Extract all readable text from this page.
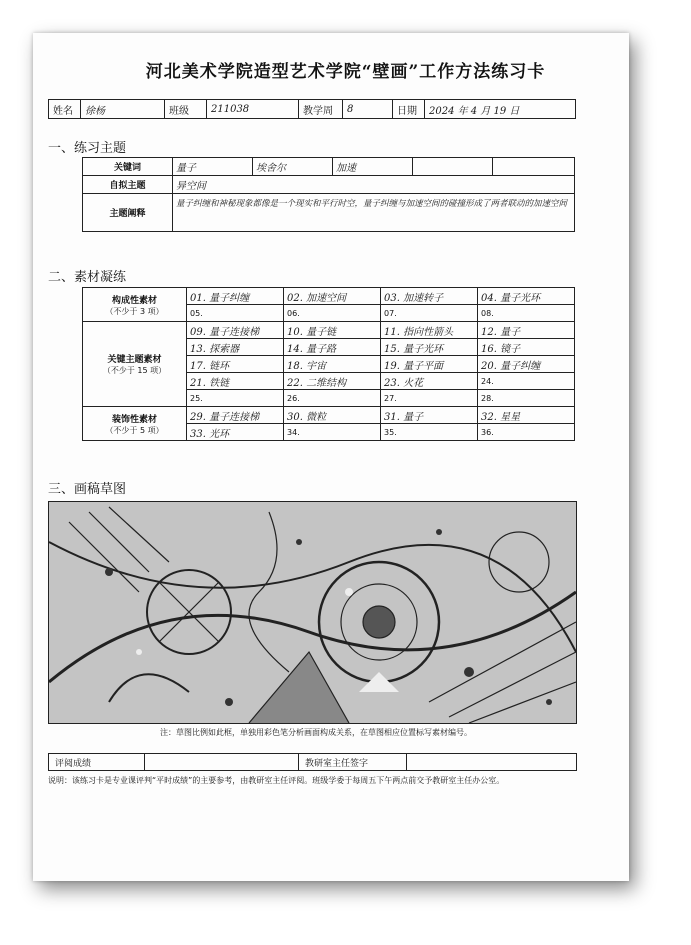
河北美术学院造型艺术学院“壁画”工作方法练习卡
姓名	徐杨	班级	211038	教学周	8	日期	2024 年 4 月 19 日
一、练习主题
关键词	量子	埃舍尔	加速		
自拟主题	异空间				
主题阐释	量子纠缠和神秘现象都像是一个现实和平行时空，量子纠缠与加速空间的碰撞形成了两者联动的加速空间				
二、素材凝练
构成性素材
（不少于 3 项）	01. 量子纠缠	02. 加速空间	03. 加速转子	04. 量子光环
	05.	06.	07.	08.
关键主题素材
（不少于 15 项）	09. 量子连接梯	10. 量子链	11. 指向性箭头	12. 量子
	13. 探索器	14. 量子路	15. 量子光环	16. 镜子
	17. 链环	18. 宇宙	19. 量子平面	20. 量子纠缠
	21. 铁链	22. 二维结构	23. 火花	24.
	25.	26.	27.	28.
装饰性素材
（不少于 5 项）	29. 量子连接梯	30. 微粒	31. 量子	32. 星星
	33. 光环	34.	35.	36.
三、画稿草图
注：草图比例如此框，单独用彩色笔分析画面构成关系，在草图相应位置标写素材编号。
评阅成绩	教研室主任签字
说明：该练习卡是专业课评判“平时成绩”的主要参考，由教研室主任评阅。班级学委于每周五下午两点前交予教研室主任办公室。
